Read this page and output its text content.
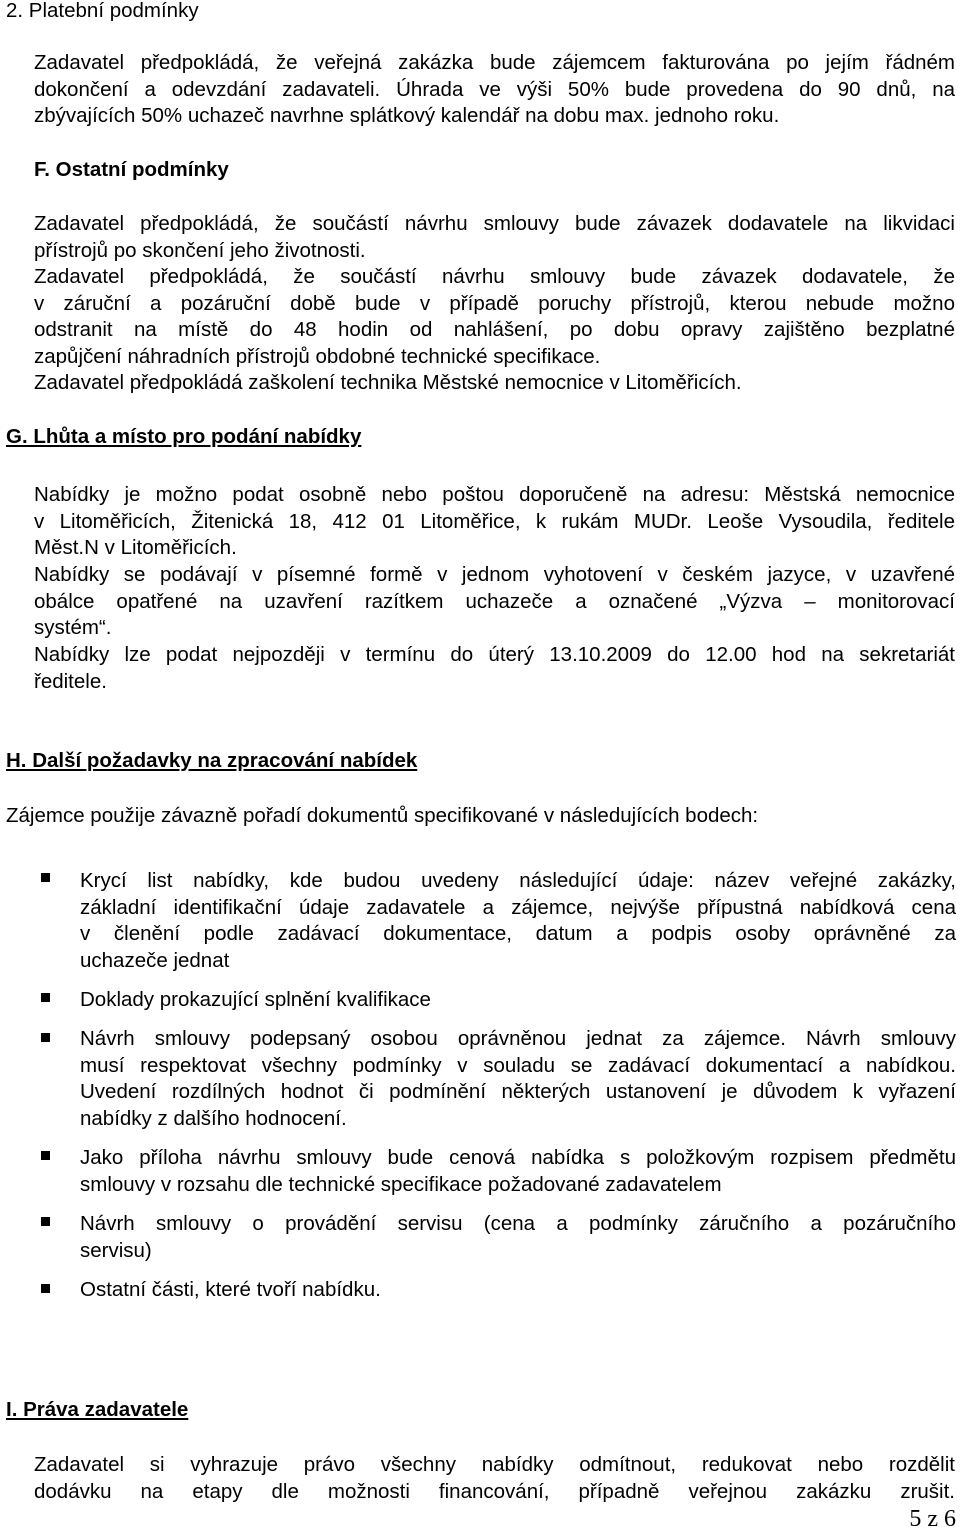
2. Platební podmínky

Zadavatel předpokládá, že veřejná zakázka bude zájemcem fakturována po jejím řádném
dokončení a odevzdání zadavateli. Úhrada ve výši 50% bude provedena do 90 dnů, na
zbývajících 50% uchazeč navrhne splátkový kalendář na dobu max. jednoho roku.

F. Ostatní podmínky

Zadavatel předpokládá, že součástí návrhu smlouvy bude závazek dodavatele na likvidaci
přístrojů po skončení jeho životnosti.
Zadavatel předpokládá, že součástí návrhu smlouvy bude závazek dodavatele, že
v záruční a pozáruční době bude v případě poruchy přístrojů, kterou nebude možno
odstranit na místě do 48 hodin od nahlášení, po dobu opravy zajištěno bezplatné
zapůjčení náhradních přístrojů obdobné technické specifikace.

Zadavatel předpokládá zaškolení technika Městské nemocnice v Litoměřicích.

G. Lhůta a místo pro podání nabídky

Nabídky je možno podat osobně nebo poštou doporučeně na adresu: Městská nemocnice
v Litoměřicích, Žitenická 18, 412 01 Litoměřice, k rukám MUDr. Leoše Vysoudila, ředitele
Měst.N v Litoměřicích.
Nabídky se podávají v písemné formě v jednom vyhotovení v českém jazyce, v uzavřené
obálce opatřené na uzavření razítkem uchazeče a označené „Výzva – monitorovací
systém“.
Nabídky lze podat nejpozději v termínu do úterý 13.10.2009 do 12.00 hod na sekretariát
ředitele.

H. Další požadavky na zpracování nabídek

Zájemce použije závazně pořadí dokumentů specifikované v následujících bodech:

Krycí list nabídky, kde budou uvedeny následující údaje: název veřejné zakázky,
základní identifikační údaje zadavatele a zájemce, nejvýše přípustná nabídková cena
v členění podle zadávací dokumentace, datum a podpis osoby oprávněné za
uchazeče jednat
Doklady prokazující splnění kvalifikace
Návrh smlouvy podepsaný osobou oprávněnou jednat za zájemce. Návrh smlouvy
musí respektovat všechny podmínky v souladu se zadávací dokumentací a nabídkou.
Uvedení rozdílných hodnot či podmínění některých ustanovení je důvodem k vyřazení
nabídky z dalšího hodnocení.
Jako příloha návrhu smlouvy bude cenová nabídka s položkovým rozpisem předmětu
smlouvy v rozsahu dle technické specifikace požadované zadavatelem
Návrh smlouvy o provádění servisu (cena a podmínky záručního a pozáručního
servisu)
Ostatní části, které tvoří nabídku.

I. Práva zadavatele

Zadavatel si vyhrazuje právo všechny nabídky odmítnout, redukovat nebo rozdělit
dodávku na etapy dle možnosti financování, případně veřejnou zakázku zrušit.
5 z 6
